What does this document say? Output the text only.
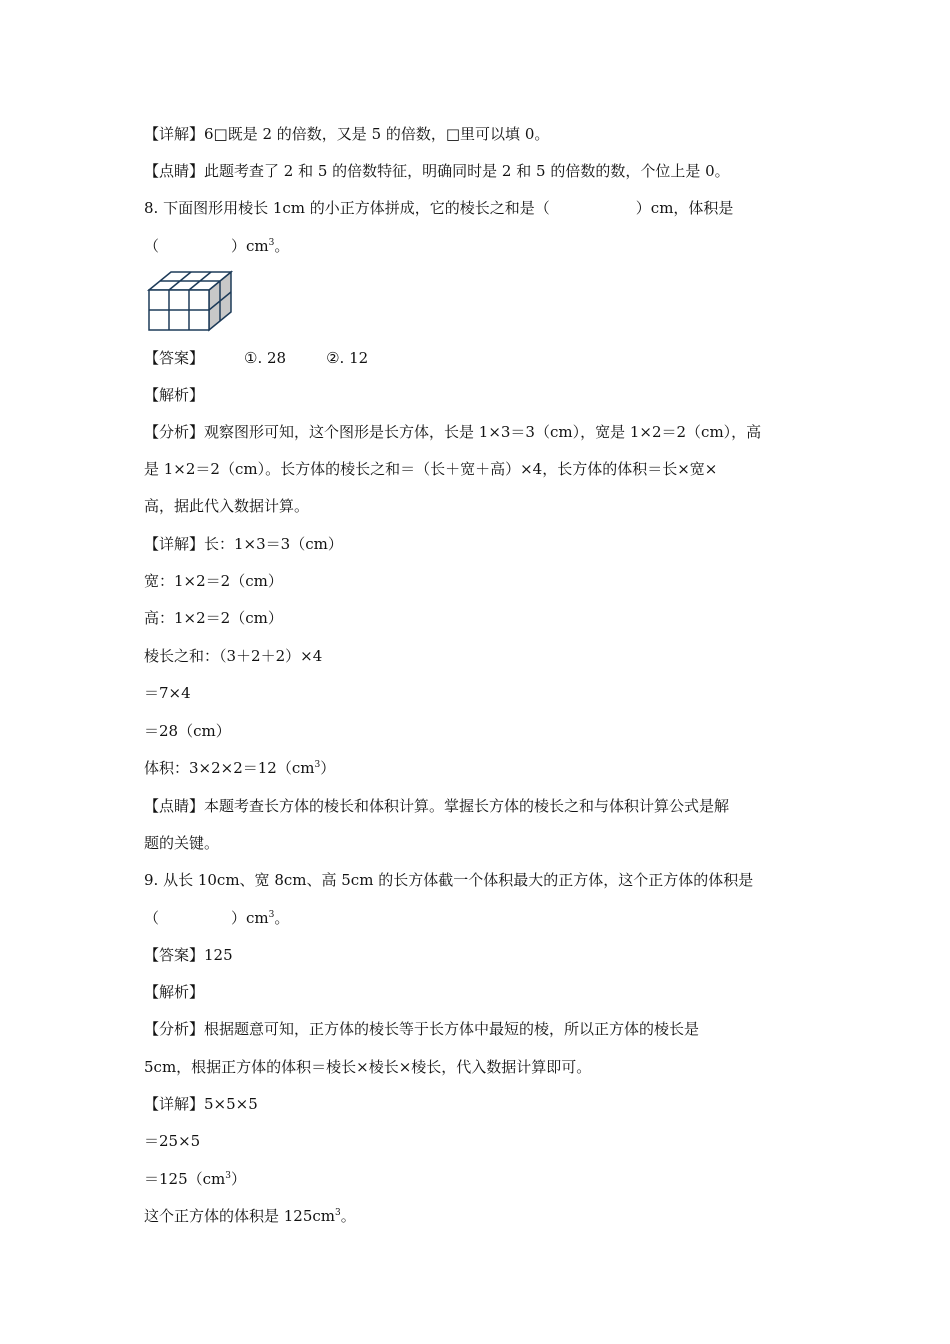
【详解】6□既是 2 的倍数，又是 5 的倍数，□里可以填 0。
【点睛】此题考查了 2 和 5 的倍数特征，明确同时是 2 和 5 的倍数的数，个位上是 0。
8. 下面图形用棱长 1cm 的小正方体拼成，它的棱长之和是（	）cm，体积是
（	）$cm^3$。
【答案】	①. 28	②. 12
【解析】
【分析】观察图形可知，这个图形是长方体，长是 1×3＝3（cm），宽是 1×2＝2（cm），高
是 1×2＝2（cm）。长方体的棱长之和＝（长＋宽＋高）×4，长方体的体积＝长×宽×
高，据此代入数据计算。
【详解】长：1×3＝3（cm）
宽：1×2＝2（cm）
高：1×2＝2（cm）
棱长之和：（3＋2＋2）×4
＝7×4
＝28（cm）
体积：$3\times 2\times 2=12(cm^3)$
【点睛】本题考查长方体的棱长和体积计算。掌握长方体的棱长之和与体积计算公式是解
题的关键。
9. 从长 10cm、宽 8cm、高 5cm 的长方体截一个体积最大的正方体，这个正方体的体积是
（	）$cm^3$。
【答案】125
【解析】
【分析】根据题意可知，正方体的棱长等于长方体中最短的棱，所以正方体的棱长是
5cm，根据正方体的体积＝棱长×棱长×棱长，代入数据计算即可。
【详解】5×5×5
＝25×5
$=125(cm^3)$
这个正方体的体积是 $125cm^3$。
